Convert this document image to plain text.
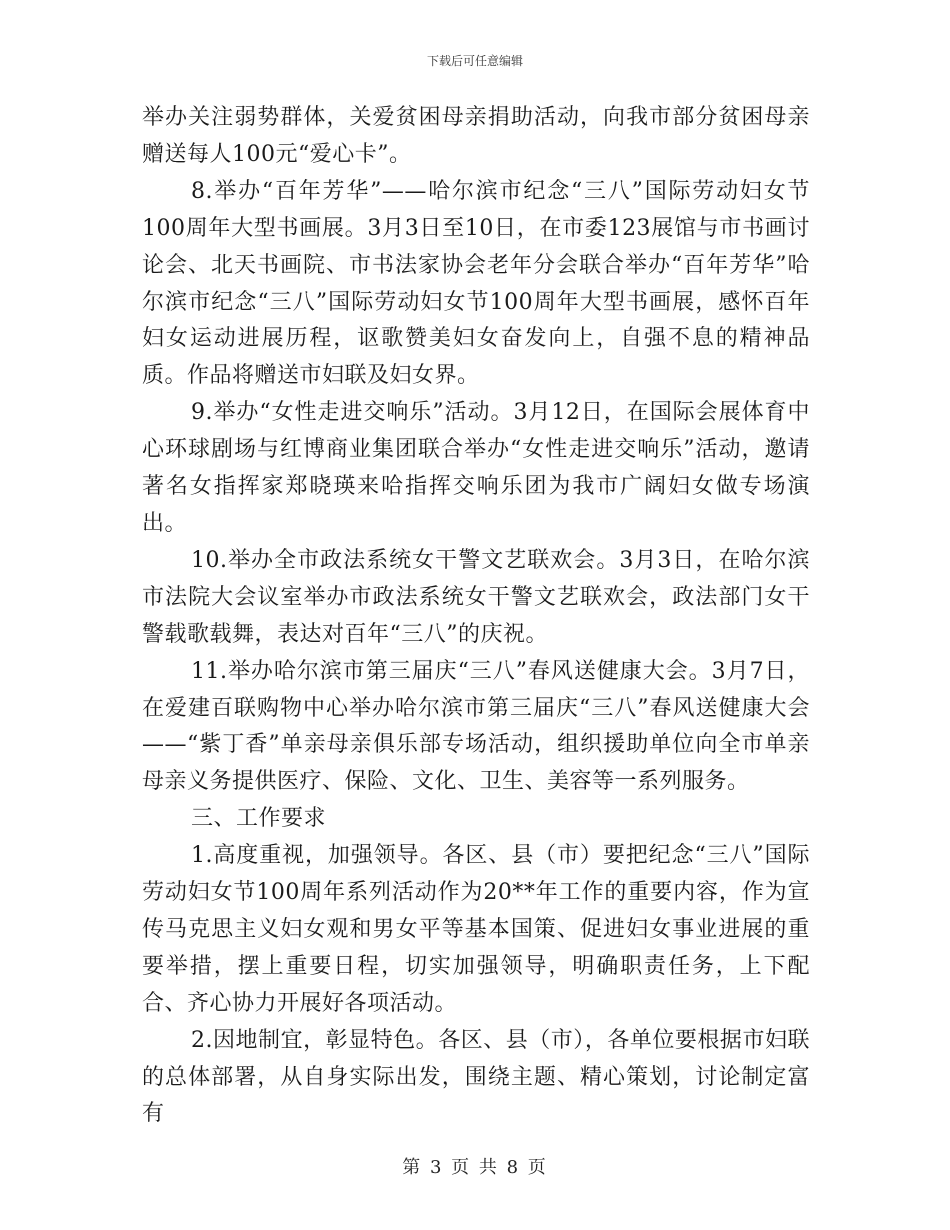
下载后可任意编辑

举办关注弱势群体，关爱贫困母亲捐助活动，向我市部分贫困母亲赠送每人100元“爱心卡”。

8.举办“百年芳华”——哈尔滨市纪念“三八”国际劳动妇女节100周年大型书画展。3月3日至10日，在市委123展馆与市书画讨论会、北天书画院、市书法家协会老年分会联合举办“百年芳华”哈尔滨市纪念“三八”国际劳动妇女节100周年大型书画展，感怀百年妇女运动进展历程，讴歌赞美妇女奋发向上，自强不息的精神品质。作品将赠送市妇联及妇女界。

9.举办“女性走进交响乐”活动。3月12日，在国际会展体育中心环球剧场与红博商业集团联合举办“女性走进交响乐”活动，邀请著名女指挥家郑晓瑛来哈指挥交响乐团为我市广阔妇女做专场演出。

10.举办全市政法系统女干警文艺联欢会。3月3日，在哈尔滨市法院大会议室举办市政法系统女干警文艺联欢会，政法部门女干警载歌载舞，表达对百年“三八”的庆祝。

11.举办哈尔滨市第三届庆“三八”春风送健康大会。3月7日，在爱建百联购物中心举办哈尔滨市第三届庆“三八”春风送健康大会——“紫丁香”单亲母亲俱乐部专场活动，组织援助单位向全市单亲母亲义务提供医疗、保险、文化、卫生、美容等一系列服务。

三、工作要求

1.高度重视，加强领导。各区、县（市）要把纪念“三八”国际劳动妇女节100周年系列活动作为20**年工作的重要内容，作为宣传马克思主义妇女观和男女平等基本国策、促进妇女事业进展的重要举措，摆上重要日程，切实加强领导，明确职责任务，上下配合、齐心协力开展好各项活动。

2.因地制宜，彰显特色。各区、县（市），各单位要根据市妇联的总体部署，从自身实际出发，围绕主题、精心策划，讨论制定富有

第 3 页 共 8 页
